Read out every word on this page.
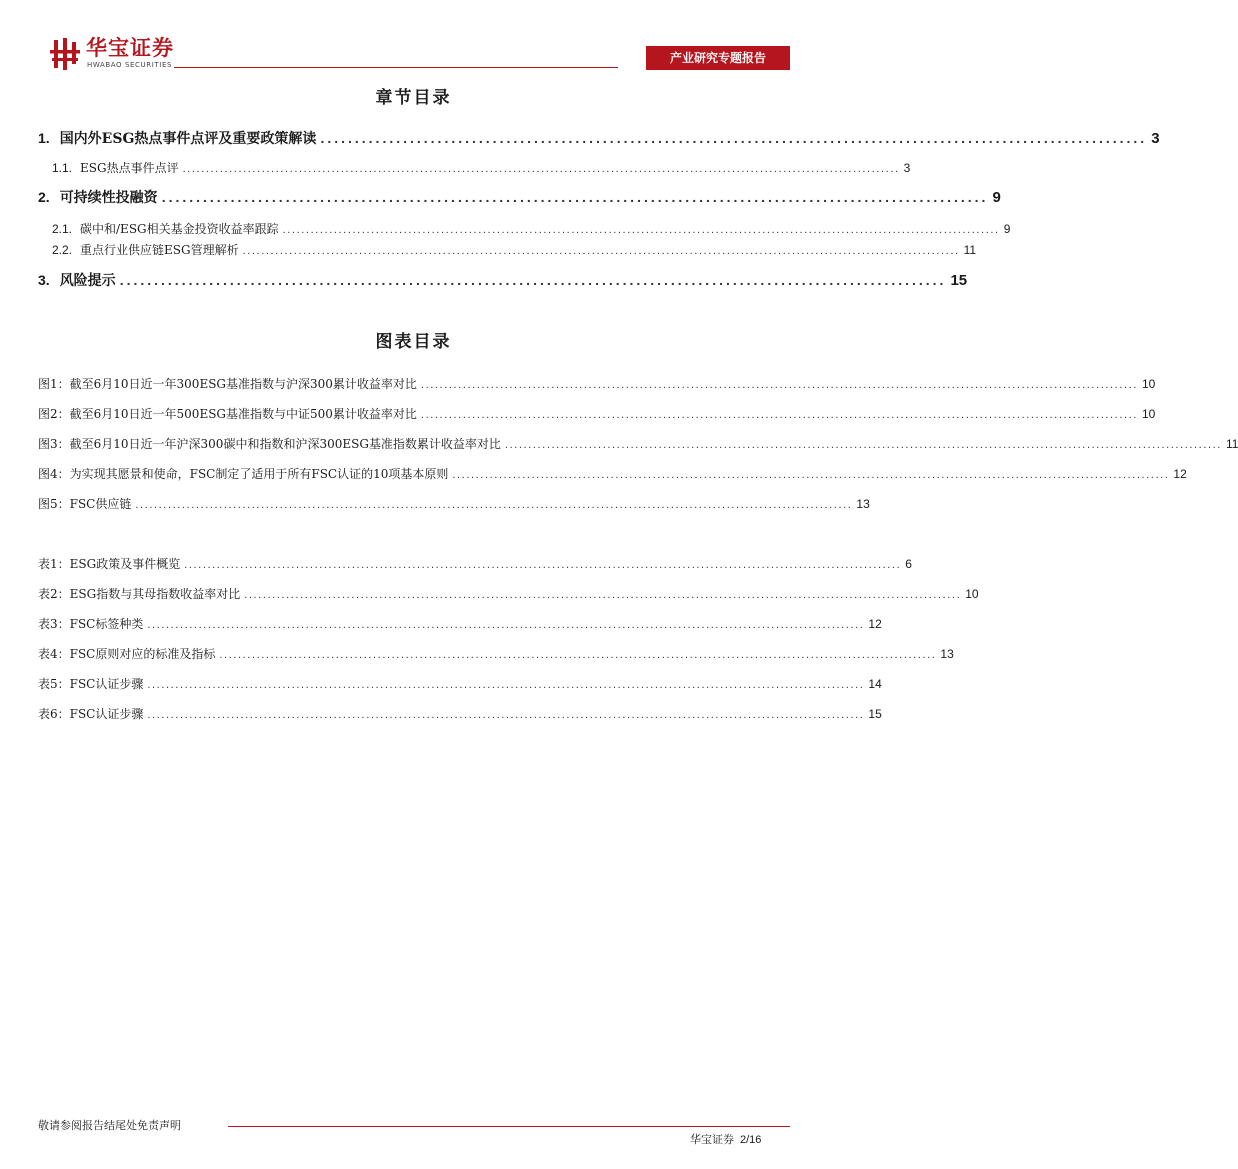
华宝证券
HWABAO SECURITIES	产业研究专题报告
章节目录
1. 国内外ESG热点事件点评及重要政策解读 ........................................................................................................................ 3
1.1. ESG热点事件点评 .......................................................................................................................................................... 3
2. 可持续性投融资 ........................................................................................................................ 9
2.1. 碳中和/ESG相关基金投资收益率跟踪 .......................................................................................................................................................... 9
2.2. 重点行业供应链ESG管理解析 .......................................................................................................................................................... 11
3. 风险提示 ........................................................................................................................ 15
图表目录
图1：截至6月10日近一年300ESG基准指数与沪深300累计收益率对比 .......................................................................................................................................................... 10
图2：截至6月10日近一年500ESG基准指数与中证500累计收益率对比 .......................................................................................................................................................... 10
图3：截至6月10日近一年沪深300碳中和指数和沪深300ESG基准指数累计收益率对比 .......................................................................................................................................................... 11
图4：为实现其愿景和使命，FSC制定了适用于所有FSC认证的10项基本原则 .......................................................................................................................................................... 12
图5：FSC供应链 .......................................................................................................................................................... 13
表1：ESG政策及事件概览 .......................................................................................................................................................... 6
表2：ESG指数与其母指数收益率对比 .......................................................................................................................................................... 10
表3：FSC标签种类 .......................................................................................................................................................... 12
表4：FSC原则对应的标准及指标 .......................................................................................................................................................... 13
表5：FSC认证步骤 .......................................................................................................................................................... 14
表6：FSC认证步骤 .......................................................................................................................................................... 15
敬请参阅报告结尾处免责声明
华宝证券 2/16
